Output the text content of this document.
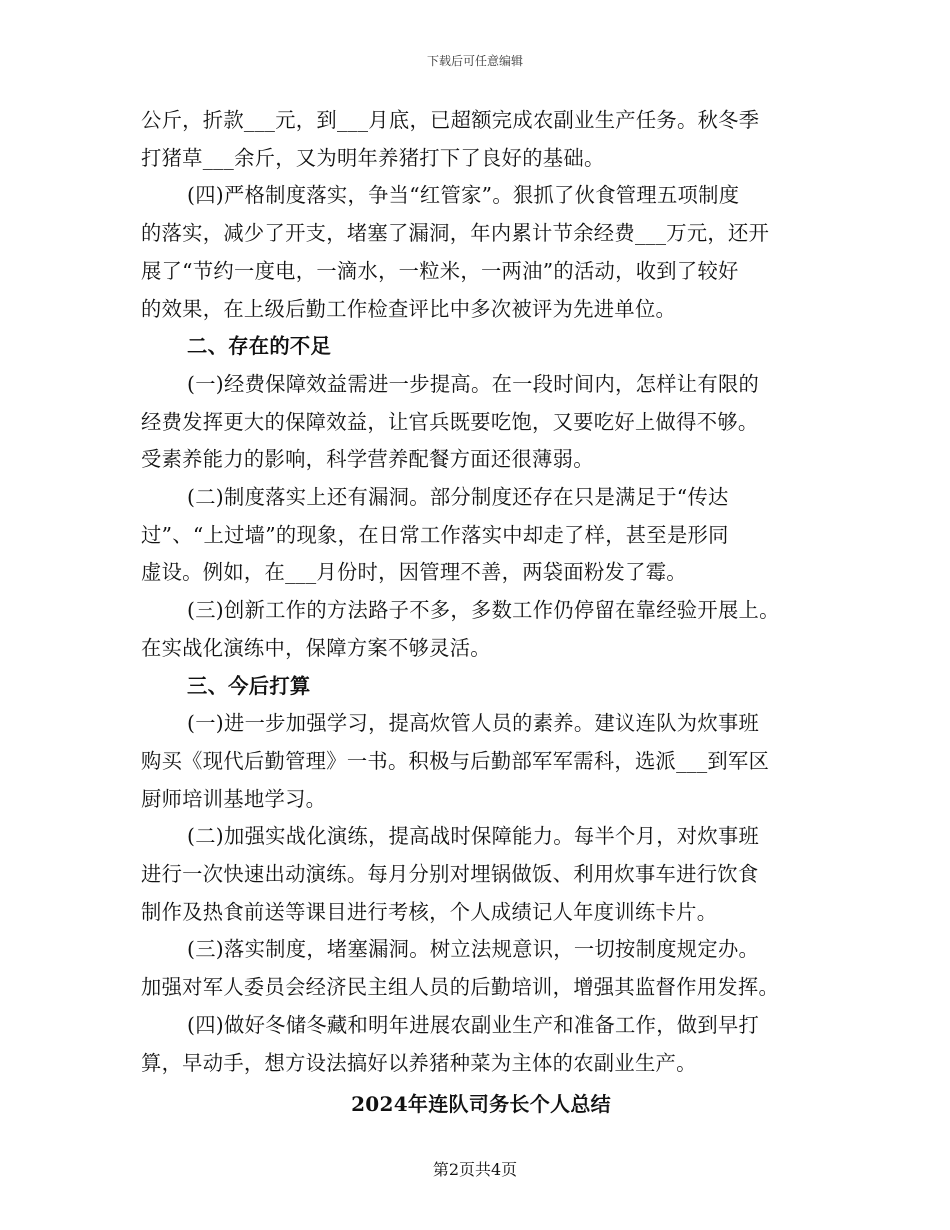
下载后可任意编辑
公斤，折款___元，到___月底，已超额完成农副业生产任务。秋冬季
打猪草___余斤，又为明年养猪打下了良好的基础。
(四)严格制度落实，争当“红管家”。狠抓了伙食管理五项制度
的落实，减少了开支，堵塞了漏洞，年内累计节余经费___万元，还开
展了“节约一度电，一滴水，一粒米，一两油”的活动，收到了较好
的效果，在上级后勤工作检查评比中多次被评为先进单位。
二、存在的不足
(一)经费保障效益需进一步提高。在一段时间内，怎样让有限的
经费发挥更大的保障效益，让官兵既要吃饱，又要吃好上做得不够。
受素养能力的影响，科学营养配餐方面还很薄弱。
(二)制度落实上还有漏洞。部分制度还存在只是满足于“传达
过”、“上过墙”的现象，在日常工作落实中却走了样，甚至是形同
虚设。例如，在___月份时，因管理不善，两袋面粉发了霉。
(三)创新工作的方法路子不多，多数工作仍停留在靠经验开展上。
在实战化演练中，保障方案不够灵活。
三、今后打算
(一)进一步加强学习，提高炊管人员的素养。建议连队为炊事班
购买《现代后勤管理》一书。积极与后勤部军军需科，选派___到军区
厨师培训基地学习。
(二)加强实战化演练，提高战时保障能力。每半个月，对炊事班
进行一次快速出动演练。每月分别对埋锅做饭、利用炊事车进行饮食
制作及热食前送等课目进行考核，个人成绩记人年度训练卡片。
(三)落实制度，堵塞漏洞。树立法规意识，一切按制度规定办。
加强对军人委员会经济民主组人员的后勤培训，增强其监督作用发挥。
(四)做好冬储冬藏和明年进展农副业生产和准备工作，做到早打
算，早动手，想方设法搞好以养猪种菜为主体的农副业生产。
2024年连队司务长个人总结
第2页共4页
